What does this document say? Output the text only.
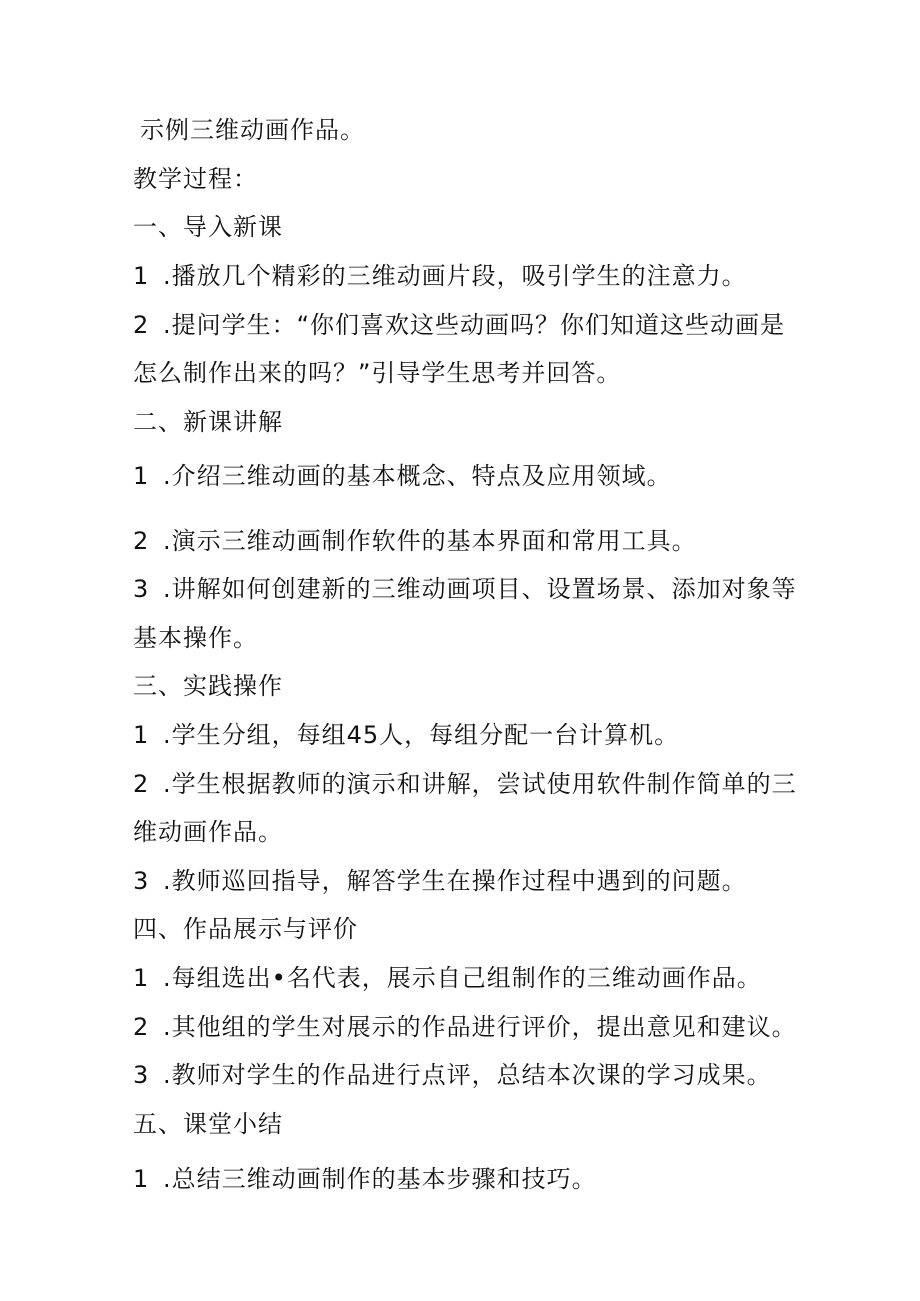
示例三维动画作品。
教学过程：
一、导入新课
1 .播放几个精彩的三维动画片段，吸引学生的注意力。
2 .提问学生：“你们喜欢这些动画吗？你们知道这些动画是
怎么制作出来的吗？”引导学生思考并回答。
二、新课讲解
1 .介绍三维动画的基本概念、特点及应用领域。
2 .演示三维动画制作软件的基本界面和常用工具。
3 .讲解如何创建新的三维动画项目、设置场景、添加对象等
基本操作。
三、实践操作
1 .学生分组，每组45人，每组分配一台计算机。
2 .学生根据教师的演示和讲解，尝试使用软件制作简单的三
维动画作品。
3 .教师巡回指导，解答学生在操作过程中遇到的问题。
四、作品展示与评价
1 .每组选出•名代表，展示自己组制作的三维动画作品。
2 .其他组的学生对展示的作品进行评价，提出意见和建议。
3 .教师对学生的作品进行点评，总结本次课的学习成果。
五、课堂小结
1 .总结三维动画制作的基本步骤和技巧。
